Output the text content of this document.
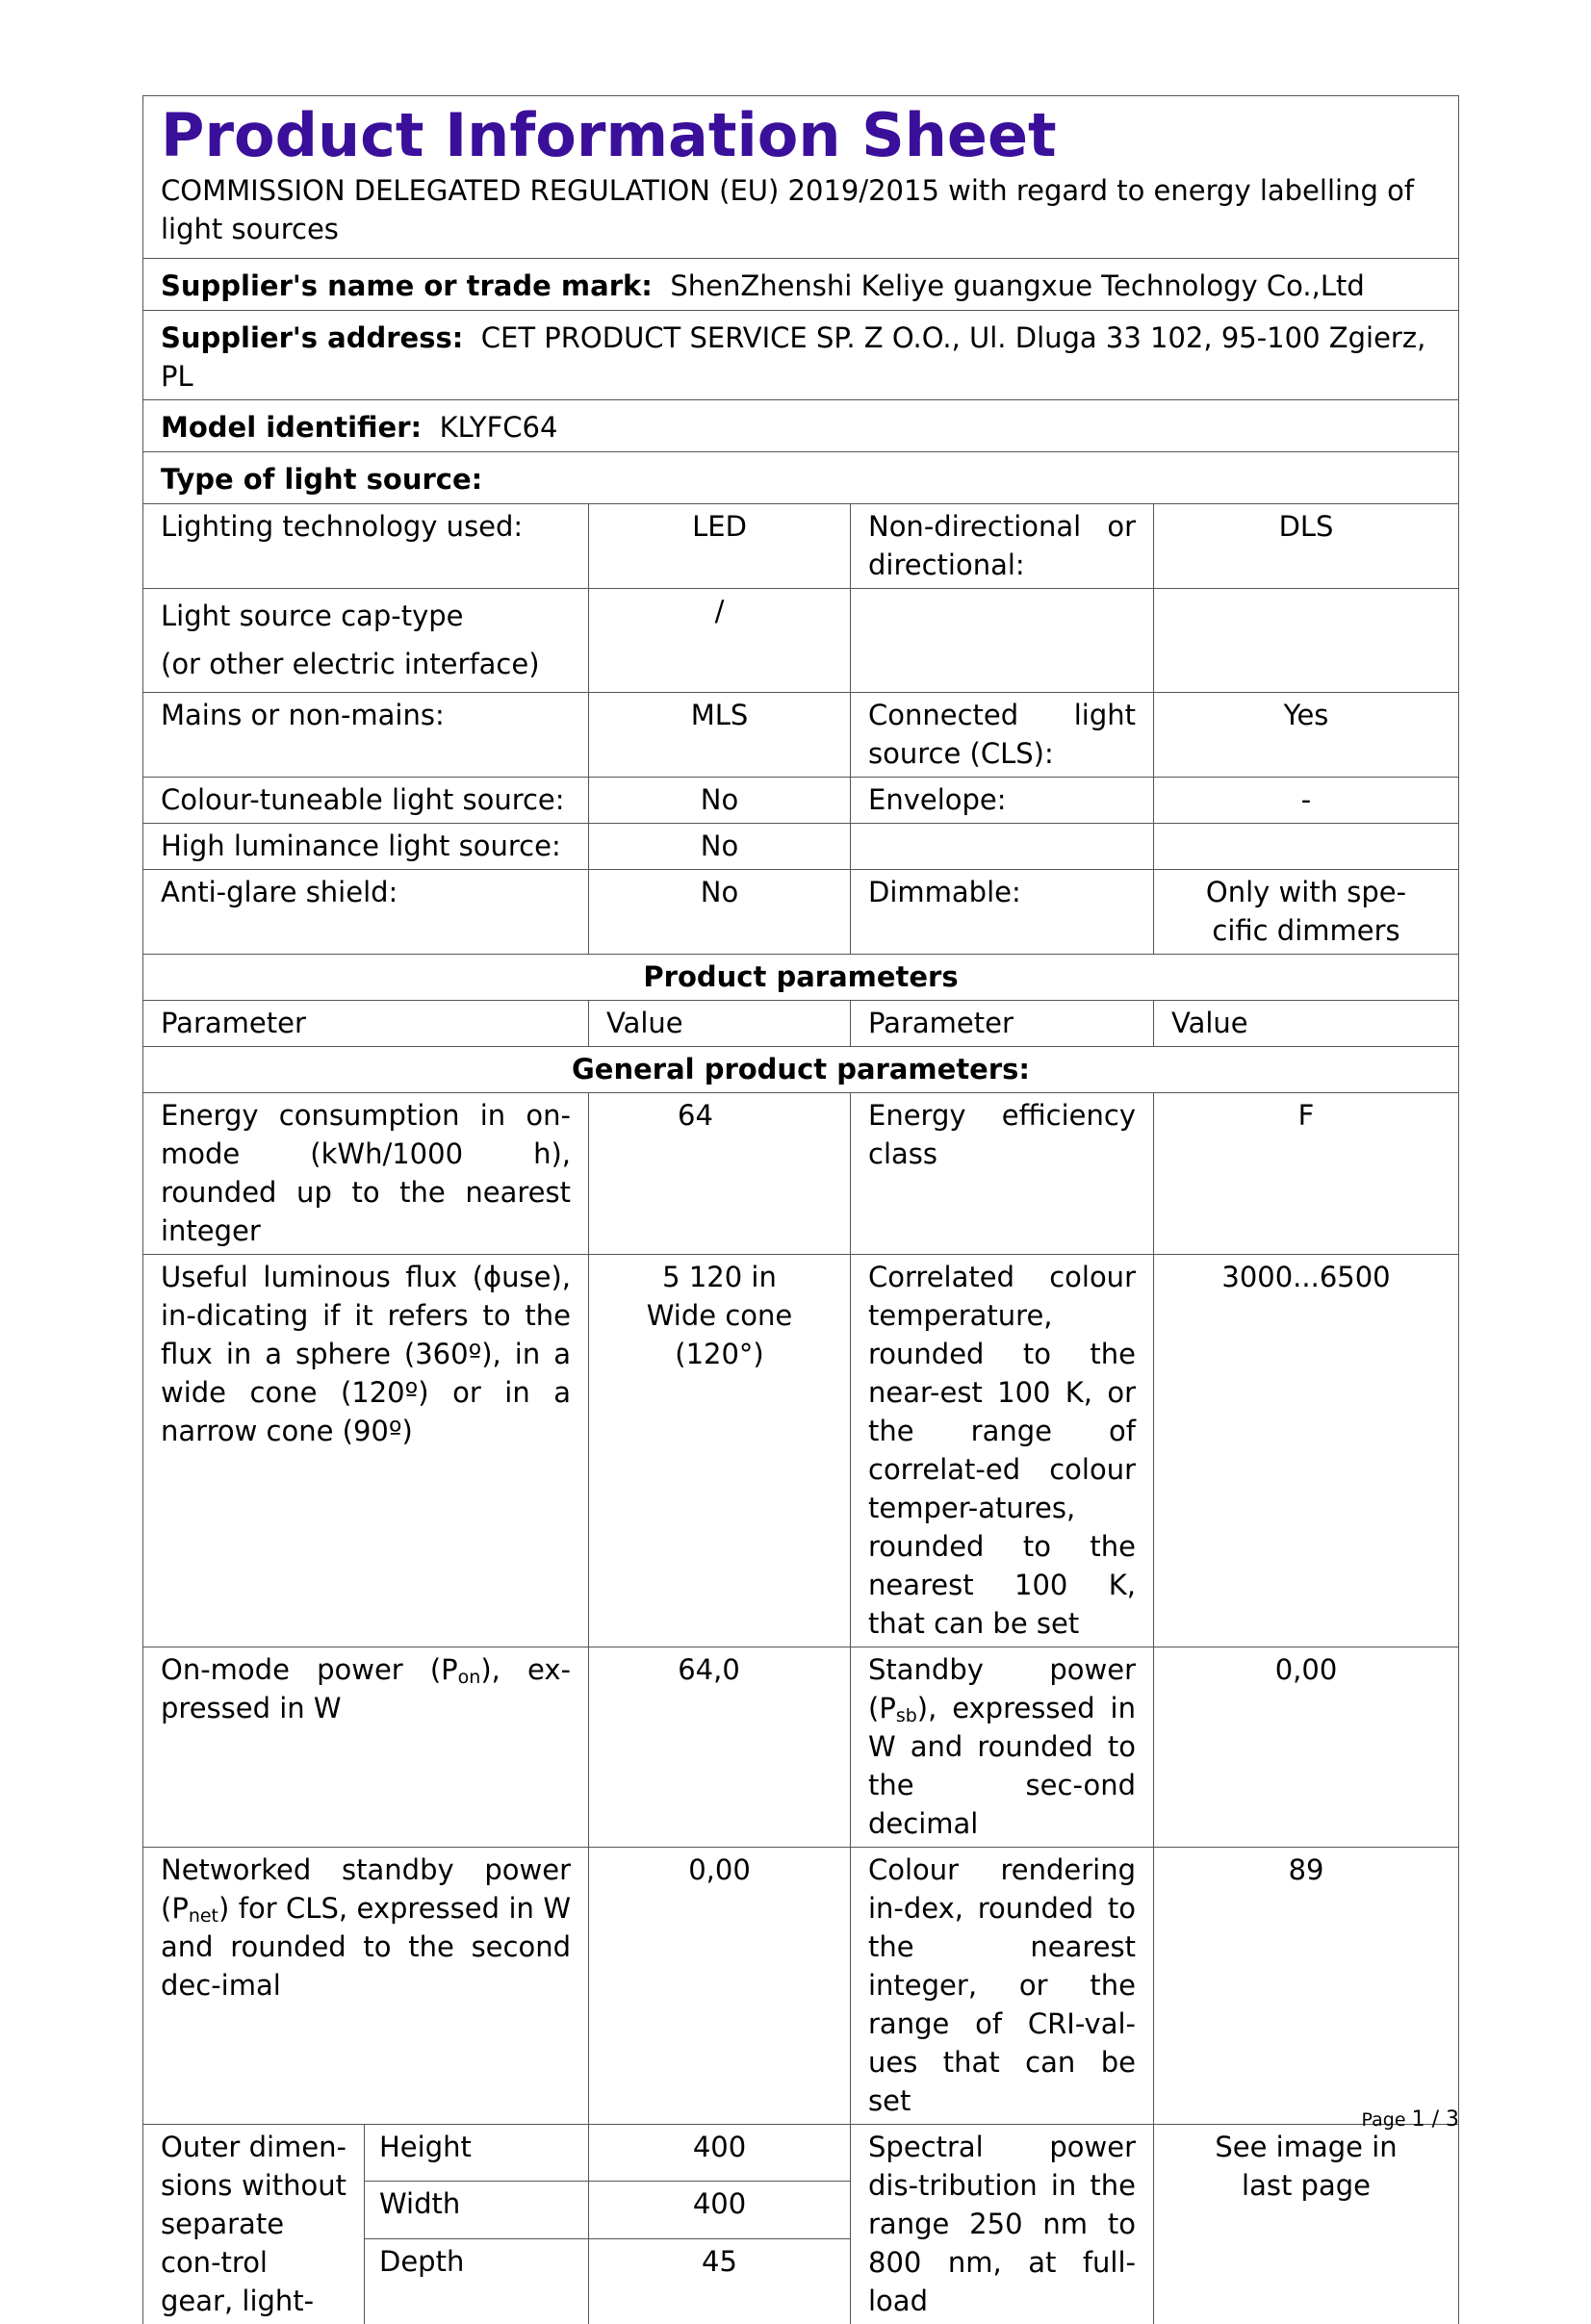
Product Information Sheet
COMMISSION DELEGATED REGULATION (EU) 2019/2015 with regard to energy labelling of light sources				

Supplier's name or trade mark: ShenZhenshi Keliye guangxue Technology Co.,Ltd				
Supplier's address: CET PRODUCT SERVICE SP. Z O.O., Ul. Dluga 33 102, 95-100 Zgierz, PL				
Model identifier: KLYFC64				
Type of light source:				
Lighting technology used:		LED	Non-directional or directional:	DLS

Light source cap-type
(or other electric interface)		/		
Mains or non-mains:		MLS	Connected light source (CLS):	Yes
Colour-tuneable light source:		No	Envelope:	-
High luminance light source:		No		
Anti-glare shield:		No	Dimmable:	Only with spe-cific dimmers
Product parameters				
Parameter		Value	Parameter	Value
General product parameters:				
Energy consumption in on-mode (kWh/1000 h), rounded up to the nearest integer		64	Energy efficiency class	F
Useful luminous flux (ɸuse), in-dicating if it refers to the flux in a sphere (360º), in a wide cone (120º) or in a narrow cone (90º)		5 120 in Wide cone (120°)	Correlated colour temperature, rounded to the near-est 100 K, or the range of correlat-ed colour temper-atures, rounded to the nearest 100 K, that can be set	3000...6500
On-mode power $(P_{on})$, ex-pressed in W		64,0	Standby power $(P_{sb})$, expressed in W and rounded to the sec-ond decimal	0,00
Networked standby power $(P_{net})$ for CLS, expressed in W and rounded to the second dec-imal		0,00	Colour rendering in-dex, rounded to the nearest integer, or the range of CRI-val-ues that can be set	89
Outer dimen-sions without separate con-trol gear, light-	Height	400	Spectral power dis-tribution in the range 250 nm to 800 nm, at full-load	See image in last page
	Width	400		
	Depth	45		
Page 1 / 3
